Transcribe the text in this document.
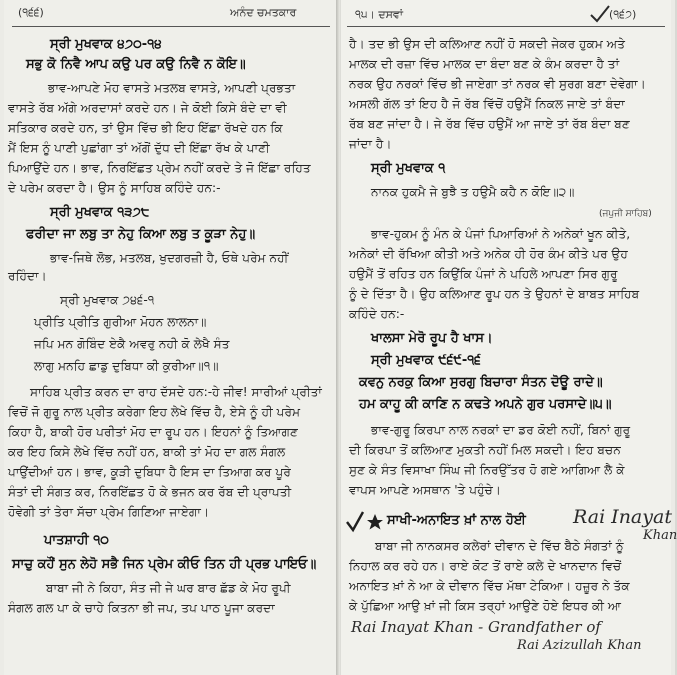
(੧੬੬)	ਅਨੰਦ ਚਮਤਕਾਰ
ਸ੍ਰੀ ਮੁਖਵਾਕ ੪੭੦-੧੪
ਸਭੁ ਕੋ ਨਿਵੈ ਆਪ ਕਉ ਪਰ ਕਉ ਨਿਵੈ ਨ ਕੋਇ॥
ਭਾਵ-ਆਪਣੇ ਮੋਹ ਵਾਸਤੇ ਮਤਲਬ ਵਾਸਤੇ, ਆਪਣੀ ਪ੍ਰਭਤਾ
ਵਾਸਤੇ ਰੱਬ ਅੱਗੇ ਅਰਦਾਸਾਂ ਕਰਦੇ ਹਨ। ਜੇ ਕੋਈ ਕਿਸੇ ਬੰਦੇ ਦਾ ਵੀ
ਸਤਿਕਾਰ ਕਰਦੇ ਹਨ, ਤਾਂ ਉਸ ਵਿੱਚ ਭੀ ਇਹ ਇੱਛਾ ਰੱਖਦੇ ਹਨ ਕਿ
ਮੈਂ ਇਸ ਨੂੰ ਪਾਣੀ ਪੁਛਾਂਗਾ ਤਾਂ ਅੱਗੋਂ ਦੁੱਧ ਦੀ ਇੱਛਾ ਰੱਖ ਕੇ ਪਾਣੀ
ਪਿਆਉਂਦੇ ਹਨ। ਭਾਵ, ਨਿਰਇੱਛਤ ਪ੍ਰੇਮ ਨਹੀਂ ਕਰਦੇ ਤੇ ਜੋ ਇੱਛਾ ਰਹਿਤ
ਦੇ ਪਰੇਮ ਕਰਦਾ ਹੈ। ਉਸ ਨੂੰ ਸਾਹਿਬ ਕਹਿੰਦੇ ਹਨ:-
ਸ੍ਰੀ ਮੁਖਵਾਕ ੧੩੭੮
ਫਰੀਦਾ ਜਾ ਲਬੁ ਤਾ ਨੇਹੁ ਕਿਆ ਲਬੁ ਤ ਕੂੜਾ ਨੇਹੁ॥
ਭਾਵ-ਜਿਥੇ ਲੋਭ, ਮਤਲਬ, ਖੁਦਗਰਜ਼ੀ ਹੈ, ਓਥੇ ਪਰੇਮ ਨਹੀਂ
ਰਹਿੰਦਾ।
ਸ੍ਰੀ ਮੁਖਵਾਕ ੭੪੬-੧
ਪ੍ਰੀਤਿ ਪ੍ਰੀਤਿ ਗੁਰੀਆ ਮੋਹਨ ਲਾਲਨਾ॥
ਜਪਿ ਮਨ ਗੋਬਿੰਦ ਏਕੈ ਅਵਰੁ ਨਹੀ ਕੋ ਲੇਖੈ ਸੰਤ
ਲਾਗੁ ਮਨਹਿ ਛਾਡੁ ਦੁਬਿਧਾ ਕੀ ਕੁਰੀਆ॥੧॥
ਸਾਹਿਬ ਪ੍ਰੀਤ ਕਰਨ ਦਾ ਰਾਹ ਦੱਸਦੇ ਹਨ:-ਹੇ ਜੀਵ! ਸਾਰੀਆਂ ਪ੍ਰੀਤਾਂ
ਵਿਚੋਂ ਜੋ ਗੁਰੂ ਨਾਲ ਪ੍ਰੀਤ ਕਰੇਗਾ ਇਹ ਲੇਖੇ ਵਿੱਚ ਹੈ, ਏਸੇ ਨੂੰ ਹੀ ਪਰੇਮ
ਕਿਹਾ ਹੈ, ਬਾਕੀ ਹੋਰ ਪਰੀਤਾਂ ਮੋਹ ਦਾ ਰੂਪ ਹਨ। ਇਹਨਾਂ ਨੂੰ ਤਿਆਗਣ
ਕਰ ਇਹ ਕਿਸੇ ਲੇਖੇ ਵਿੱਚ ਨਹੀਂ ਹਨ, ਬਾਕੀ ਤਾਂ ਮੋਹ ਦਾ ਗਲ ਸੰਗਲ
ਪਾਉਂਦੀਆਂ ਹਨ। ਭਾਵ, ਕੂੜੀ ਦੁਬਿਧਾ ਹੈ ਇਸ ਦਾ ਤਿਆਗ ਕਰ ਪੂਰੇ
ਸੰਤਾਂ ਦੀ ਸੰਗਤ ਕਰ, ਨਿਰਇੱਛਤ ਹੋ ਕੇ ਭਜਨ ਕਰ ਰੱਬ ਦੀ ਪ੍ਰਾਪਤੀ
ਹੋਵੇਗੀ ਤਾਂ ਤੇਰਾ ਸੱਚਾ ਪ੍ਰੇਮ ਗਿਣਿਆ ਜਾਏਗਾ।
ਪਾਤਸ਼ਾਹੀ ੧੦
ਸਾਚੁ ਕਹੌਂ ਸੁਨ ਲੇਹੋ ਸਭੈ ਜਿਨ ਪ੍ਰੇਮ ਕੀਓ ਤਿਨ ਹੀ ਪ੍ਰਭ ਪਾਇਓ॥
ਬਾਬਾ ਜੀ ਨੇ ਕਿਹਾ, ਸੰਤ ਜੀ ਜੇ ਘਰ ਬਾਰ ਛੱਡ ਕੇ ਮੋਹ ਰੂਪੀ
ਸੰਗਲ ਗਲ ਪਾ ਕੇ ਚਾਹੇ ਕਿਤਨਾ ਭੀ ਜਪ, ਤਪ ਪਾਠ ਪੂਜਾ ਕਰਦਾ
੧੫। ਦਸਵਾਂ	(੧੬੭)
ਹੈ। ਤਦ ਭੀ ਉਸ ਦੀ ਕਲਿਆਣ ਨਹੀਂ ਹੋ ਸਕਦੀ ਜੇਕਰ ਹੁਕਮ ਅਤੇ
ਮਾਲਕ ਦੀ ਰਜ਼ਾ ਵਿੱਚ ਮਾਲਕ ਦਾ ਬੰਦਾ ਬਣ ਕੇ ਕੰਮ ਕਰਦਾ ਹੈ ਤਾਂ
ਨਰਕ ਉਹ ਨਰਕਾਂ ਵਿੱਚ ਭੀ ਜਾਏਗਾ ਤਾਂ ਨਰਕ ਵੀ ਸੁਰਗ ਬਣਾ ਦੇਵੇਗਾ।
ਅਸਲੀ ਗੱਲ ਤਾਂ ਇਹ ਹੈ ਜੋ ਰੱਬ ਵਿੱਚੋਂ ਹਉਮੈਂ ਨਿਕਲ ਜਾਏ ਤਾਂ ਬੰਦਾ
ਰੱਬ ਬਣ ਜਾਂਦਾ ਹੈ। ਜੇ ਰੱਬ ਵਿੱਚ ਹਉਮੈਂ ਆ ਜਾਏ ਤਾਂ ਰੱਬ ਬੰਦਾ ਬਣ
ਜਾਂਦਾ ਹੈ।
ਸ੍ਰੀ ਮੁਖਵਾਕ ੧
ਨਾਨਕ ਹੁਕਮੈ ਜੇ ਬੁਝੈ ਤ ਹਉਮੈ ਕਹੈ ਨ ਕੋਇ॥੨॥
(ਜਪੁਜੀ ਸਾਹਿਬ)
ਭਾਵ-ਹੁਕਮ ਨੂੰ ਮੰਨ ਕੇ ਪੰਜਾਂ ਪਿਆਰਿਆਂ ਨੇ ਅਨੇਕਾਂ ਖੂਨ ਕੀਤੇ,
ਅਨੇਕਾਂ ਦੀ ਰੱਖਿਆ ਕੀਤੀ ਅਤੇ ਅਨੇਕ ਹੀ ਹੋਰ ਕੰਮ ਕੀਤੇ ਪਰ ਉਹ
ਹਉਮੈਂ ਤੋਂ ਰਹਿਤ ਹਨ ਕਿਉਂਕਿ ਪੰਜਾਂ ਨੇ ਪਹਿਲੇ ਆਪਣਾ ਸਿਰ ਗੁਰੂ
ਨੂੰ ਦੇ ਦਿੱਤਾ ਹੈ। ਉਹ ਕਲਿਆਣ ਰੂਪ ਹਨ ਤੇ ਉਹਨਾਂ ਦੇ ਬਾਬਤ ਸਾਹਿਬ
ਕਹਿੰਦੇ ਹਨ:-
ਖਾਲਸਾ ਮੇਰੋ ਰੂਪ ਹੈ ਖਾਸ।
ਸ੍ਰੀ ਮੁਖਵਾਕ ੯੬੯-੧੬
ਕਵਨੁ ਨਰਕੁ ਕਿਆ ਸੁਰਗੁ ਬਿਚਾਰਾ ਸੰਤਨ ਦੋਊ ਰਾਦੇ॥
ਹਮ ਕਾਹੂ ਕੀ ਕਾਣਿ ਨ ਕਢਤੇ ਅਪਨੇ ਗੁਰ ਪਰਸਾਦੇ॥੫॥
ਭਾਵ-ਗੁਰੂ ਕਿਰਪਾ ਨਾਲ ਨਰਕਾਂ ਦਾ ਡਰ ਕੋਈ ਨਹੀਂ, ਬਿਨਾਂ ਗੁਰੂ
ਦੀ ਕਿਰਪਾ ਤੋਂ ਕਲਿਆਣ ਮੁਕਤੀ ਨਹੀਂ ਮਿਲ ਸਕਦੀ। ਇਹ ਬਚਨ
ਸੁਣ ਕੇ ਸੰਤ ਵਿਸਾਖਾ ਸਿੰਘ ਜੀ ਨਿਰਉੱਤਰ ਹੋ ਗਏ ਆਗਿਆ ਲੈ ਕੇ
ਵਾਪਸ ਆਪਣੇ ਅਸਥਾਨ 'ਤੇ ਪਹੁੰਚੇ।
ਸਾਖੀ-ਅਨਾਇਤ ਖ਼ਾਂ ਨਾਲ ਹੋਈ Rai Inayat
Khan
ਬਾਬਾ ਜੀ ਨਾਨਕਸਰ ਕਲੇਰਾਂ ਦੀਵਾਨ ਦੇ ਵਿੱਚ ਬੈਠੇ ਸੰਗਤਾਂ ਨੂੰ
ਨਿਹਾਲ ਕਰ ਰਹੇ ਹਨ। ਰਾਏ ਕੋਟ ਤੋਂ ਰਾਏ ਕਲੇ ਦੇ ਖਾਨਦਾਨ ਵਿਚੋਂ
ਅਨਾਇਤ ਖ਼ਾਂ ਨੇ ਆ ਕੇ ਦੀਵਾਨ ਵਿੱਚ ਮੱਥਾ ਟੇਕਿਆ। ਹਜ਼ੂਰ ਨੇ ਤੱਕ
ਕੇ ਪੁੱਛਿਆ ਆਉ ਖ਼ਾਂ ਜੀ ਕਿਸ ਤਰ੍ਹਾਂ ਆਉਣੇ ਹੋਏ ਇਧਰ ਕੀ ਆ
Rai Inayat Khan - Grandfather of
Rai Azizullah Khan
